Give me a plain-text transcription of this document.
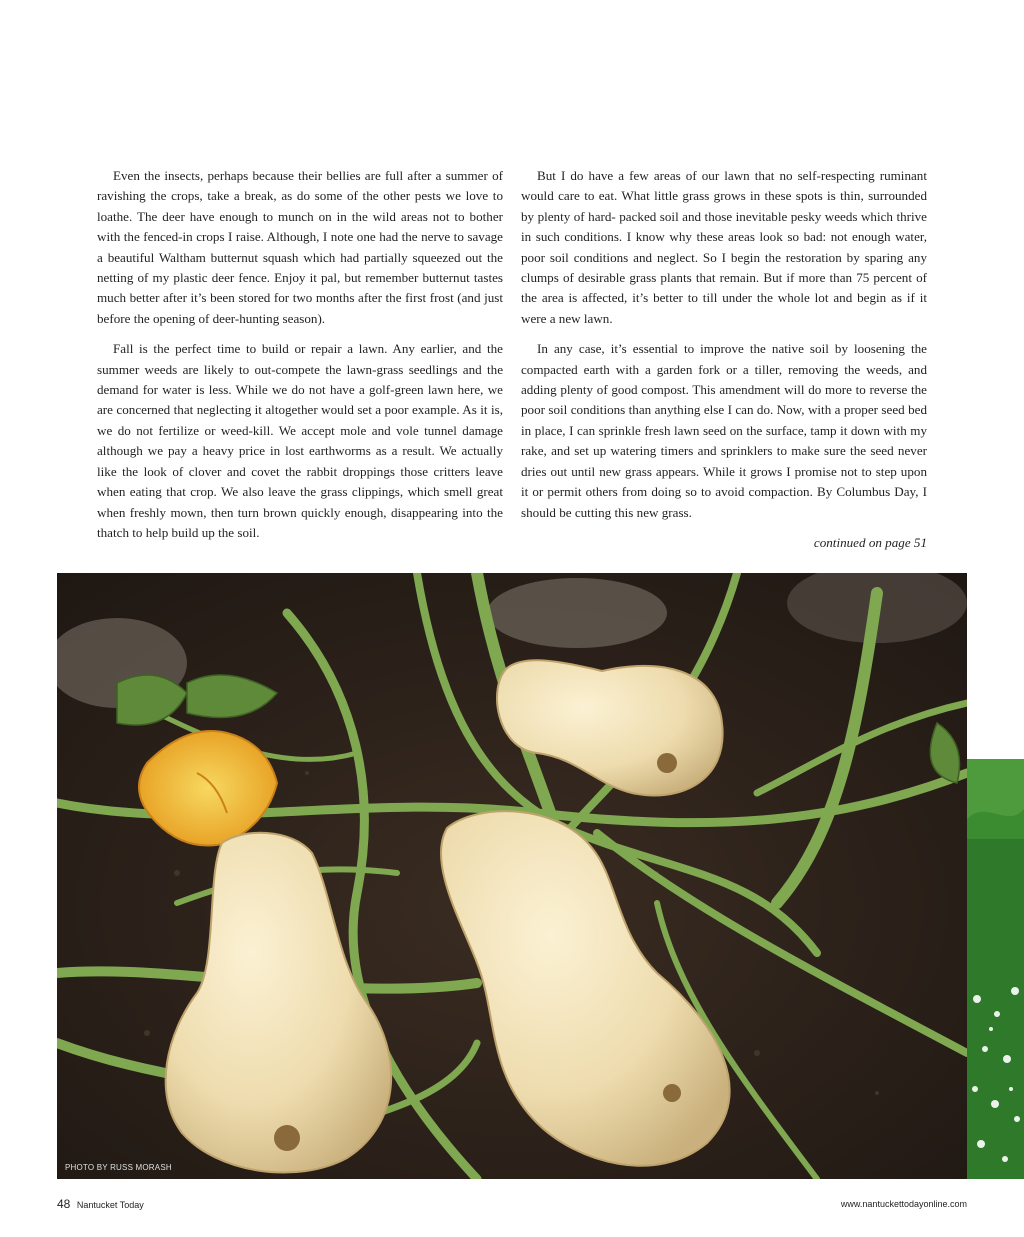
Even the insects, perhaps because their bellies are full after a summer of ravishing the crops, take a break, as do some of the other pests we love to loathe. The deer have enough to munch on in the wild areas not to bother with the fenced-in crops I raise. Although, I note one had the nerve to savage a beautiful Waltham butternut squash which had partially squeezed out the netting of my plastic deer fence. Enjoy it pal, but remember butternut tastes much better after it’s been stored for two months after the first frost (and just before the opening of deer-hunting season).

Fall is the perfect time to build or repair a lawn. Any earlier, and the summer weeds are likely to out-compete the lawn-grass seedlings and the demand for water is less. While we do not have a golf-green lawn here, we are concerned that neglecting it altogether would set a poor example. As it is, we do not fertilize or weed-kill. We accept mole and vole tunnel damage although we pay a heavy price in lost earthworms as a result. We actually like the look of clover and covet the rabbit droppings those critters leave when eating that crop. We also leave the grass clippings, which smell great when freshly mown, then turn brown quickly enough, disappearing into the thatch to help build up the soil.

But I do have a few areas of our lawn that no self-respecting ruminant would care to eat. What little grass grows in these spots is thin, surrounded by plenty of hard- packed soil and those inevitable pesky weeds which thrive in such conditions. I know why these areas look so bad: not enough water, poor soil conditions and neglect. So I begin the restoration by sparing any clumps of desirable grass plants that remain. But if more than 75 percent of the area is affected, it’s better to till under the whole lot and begin as if it were a new lawn.

In any case, it’s essential to improve the native soil by loosening the compacted earth with a garden fork or a tiller, removing the weeds, and adding plenty of good compost. This amendment will do more to reverse the poor soil conditions than anything else I can do. Now, with a proper seed bed in place, I can sprinkle fresh lawn seed on the surface, tamp it down with my rake, and set up watering timers and sprinklers to make sure the seed never dries out until new grass appears. While it grows I promise not to step upon it or permit others from doing so to avoid compaction. By Columbus Day, I should be cutting this new grass.

continued on page 51

PHOTO BY RUSS MORASH
48 Nantucket Today	www.nantuckettodayonline.com
